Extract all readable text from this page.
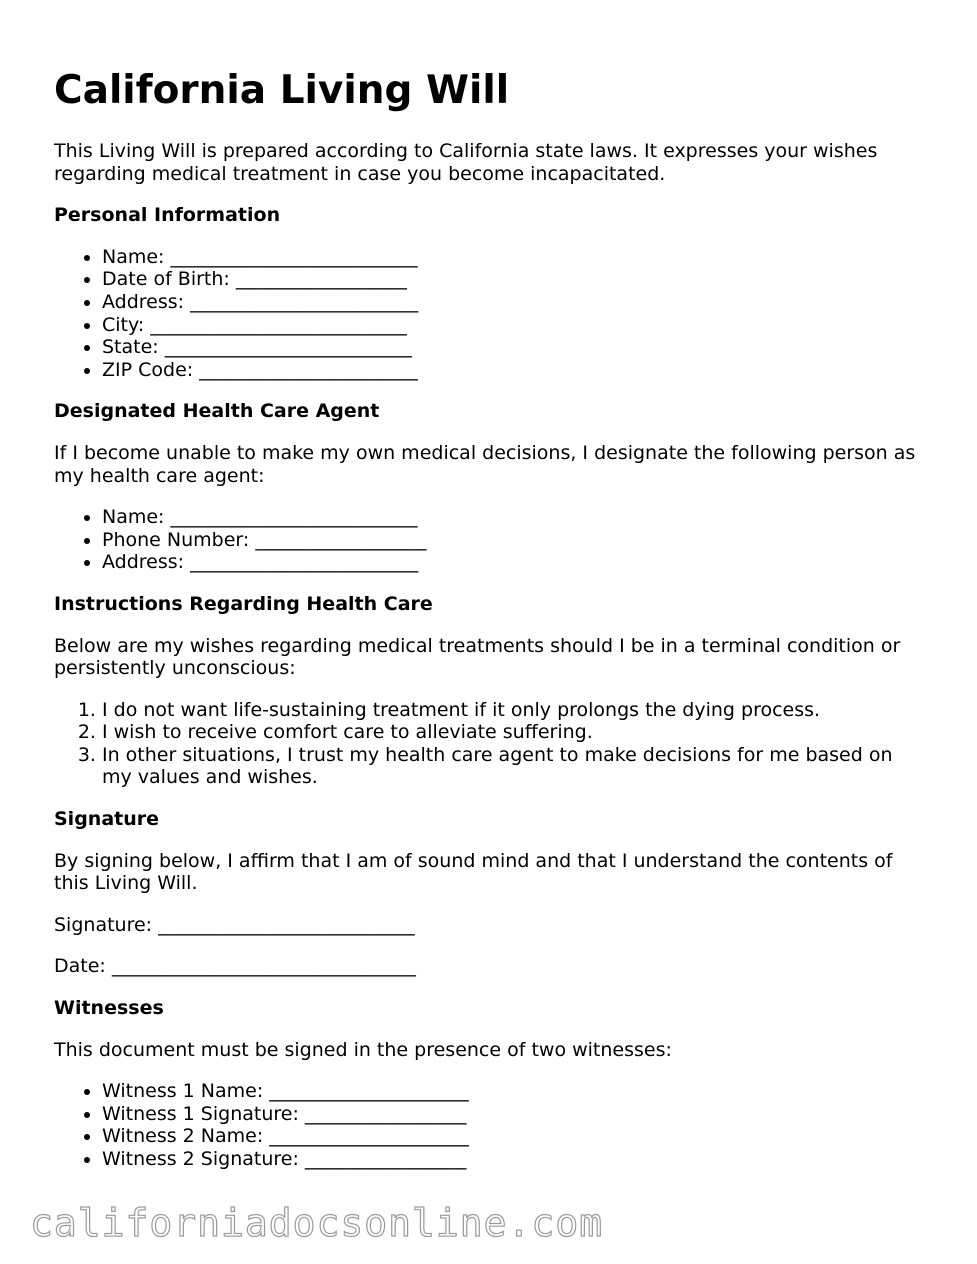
California Living Will

This Living Will is prepared according to California state laws. It expresses your wishes regarding medical treatment in case you become incapacitated.

Personal Information
• Name: __________________________
• Date of Birth: __________________
• Address: ________________________
• City: ___________________________
• State: __________________________
• ZIP Code: _______________________
Designated Health Care Agent

If I become unable to make my own medical decisions, I designate the following person as my health care agent:

• Name: __________________________
• Phone Number: __________________
• Address: ________________________
Instructions Regarding Health Care

Below are my wishes regarding medical treatments should I be in a terminal condition or persistently unconscious:

1. I do not want life-sustaining treatment if it only prolongs the dying process.
2. I wish to receive comfort care to alleviate suffering.
3. In other situations, I trust my health care agent to make decisions for me based on my values and wishes.
Signature

By signing below, I affirm that I am of sound mind and that I understand the contents of this Living Will.

Signature: ___________________________

Date: ________________________________

Witnesses

This document must be signed in the presence of two witnesses:

• Witness 1 Name: _____________________
• Witness 1 Signature: _________________
• Witness 2 Name: _____________________
• Witness 2 Signature: _________________
californiadocsonline.com
